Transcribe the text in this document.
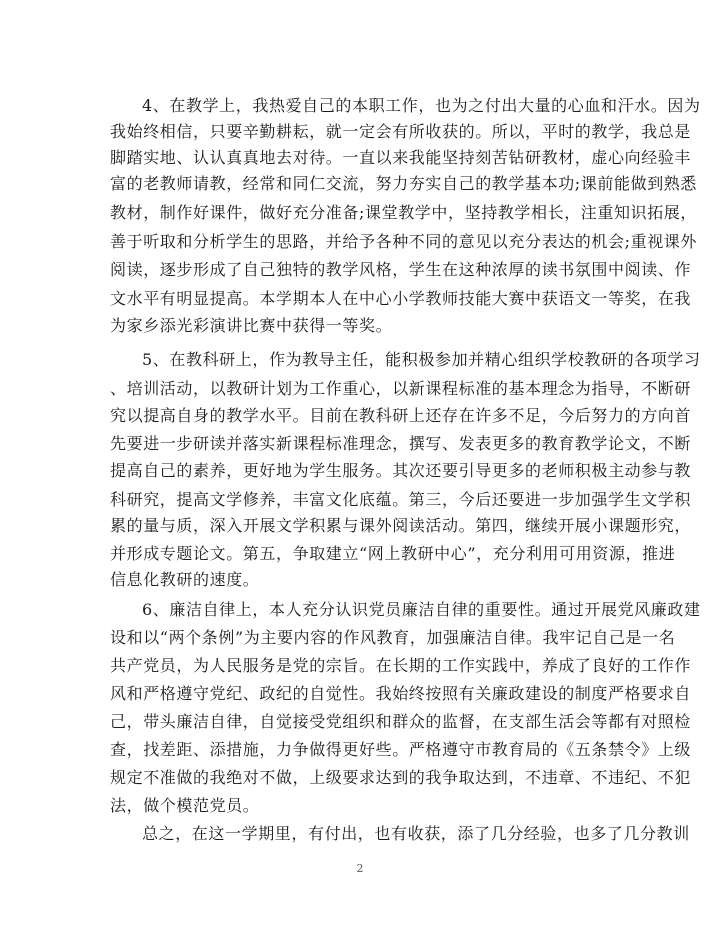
4、在教学上，我热爱自己的本职工作，也为之付出大量的心血和汗水。因为

我始终相信，只要辛勤耕耘，就一定会有所收获的。所以，平时的教学，我总是

脚踏实地、认认真真地去对待。一直以来我能坚持刻苦钻研教材，虚心向经验丰

富的老教师请教，经常和同仁交流，努力夯实自己的教学基本功;课前能做到熟悉

教材，制作好课件，做好充分准备;课堂教学中，坚持教学相长，注重知识拓展，

善于听取和分析学生的思路，并给予各种不同的意见以充分表达的机会;重视课外

阅读，逐步形成了自己独特的教学风格，学生在这种浓厚的读书氛围中阅读、作

文水平有明显提高。本学期本人在中心小学教师技能大赛中获语文一等奖，在我

为家乡添光彩演讲比赛中获得一等奖。

5、在教科研上，作为教导主任，能积极参加并精心组织学校教研的各项学习

、培训活动，以教研计划为工作重心，以新课程标准的基本理念为指导，不断研

究以提高自身的教学水平。目前在教科研上还存在许多不足，今后努力的方向首

先要进一步研读并落实新课程标准理念，撰写、发表更多的教育教学论文，不断

提高自己的素养，更好地为学生服务。其次还要引导更多的老师积极主动参与教

科研究，提高文学修养，丰富文化底蕴。第三，今后还要进一步加强学生文学积

累的量与质，深入开展文学积累与课外阅读活动。第四，继续开展小课题形究，

并形成专题论文。第五，争取建立“网上教研中心”，充分利用可用资源，推进

信息化教研的速度。

6、廉洁自律上，本人充分认识党员廉洁自律的重要性。通过开展党风廉政建

设和以“两个条例”为主要内容的作风教育，加强廉洁自律。我牢记自己是一名

共产党员，为人民服务是党的宗旨。在长期的工作实践中，养成了良好的工作作

风和严格遵守党纪、政纪的自觉性。我始终按照有关廉政建设的制度严格要求自

己，带头廉洁自律，自觉接受党组织和群众的监督，在支部生活会等都有对照检

查，找差距、添措施，力争做得更好些。严格遵守市教育局的《五条禁令》上级

规定不准做的我绝对不做，上级要求达到的我争取达到，不违章、不违纪、不犯

法，做个模范党员。

总之，在这一学期里，有付出，也有收获，添了几分经验，也多了几分教训

2
